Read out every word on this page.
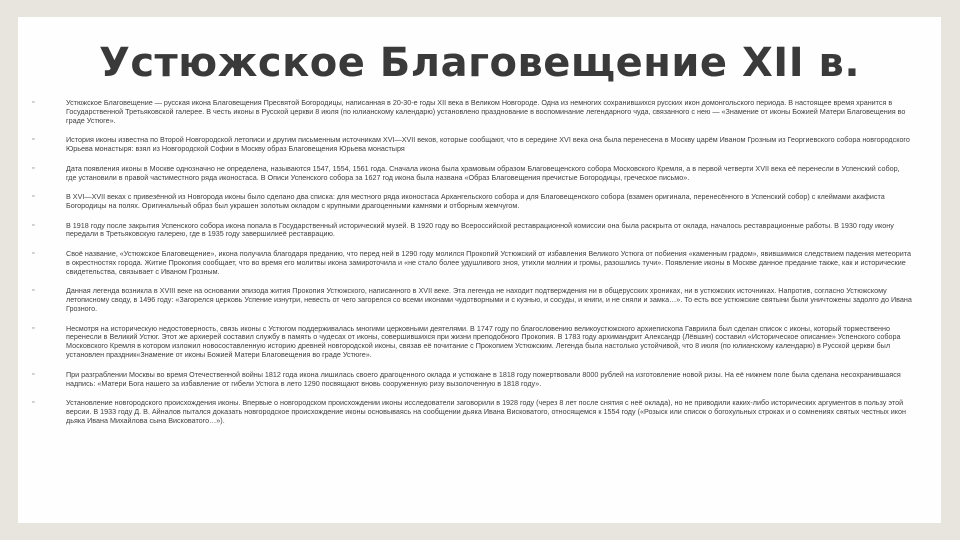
Устюжское Благовещение XII в.
▫	Устюжское Благовещение — русская икона Благовещения Пресвятой Богородицы, написанная в 20-30-е годы XII века в Великом Новгороде. Одна из немногих сохранившихся русских икон домонгольского периода. В настоящее время хранится в Государственной Третьяковской галерее. В честь иконы в Русской церкви 8 июля (по юлианскому календарю) установлено празднование в воспоминание легендарного чуда, связанного с нею — «Знамение от иконы Божией Матери Благовещения во граде Устюге».
▫	История иконы известна по Второй Новгородской летописи и другим письменным источникам XVI—XVII веков, которые сообщают, что в середине XVI века она была перенесена в Москву царём Иваном Грозным из Георгиевского собора новгородского Юрьева монастыря: взял из Новгородской Софии в Москву образ Благовещения Юрьева монастыря
▫	Дата появления иконы в Москве однозначно не определена, называются 1547, 1554, 1561 года. Сначала икона была храмовым образом Благовещенского собора Московского Кремля, а в первой четверти XVII века её перенесли в Успенский собор, где установили в правой частиместного ряда иконостаса. В Описи Успенского собора за 1627 год икона была названа «Образ Благовещения пречистые Богородицы, греческое письмо».
▫	В XVI—XVII веках с привезённой из Новгорода иконы было сделано два списка: для местного ряда иконостаса Архангельского собора и для Благовещенского собора (взамен оригинала, перенесённого в Успенский собор) с клеймами акафиста Богородицы на полях. Оригинальный образ был украшен золотым окладом с крупными драгоценными камнями и отборным жемчугом.
▫	В 1918 году после закрытия Успенского собора икона попала в Государственный исторический музей. В 1920 году во Всероссийской реставрационной комиссии она была раскрыта от оклада, началось реставрационные работы. В 1930 году икону передали в Третьяковскую галерею, где в 1935 году завершилиеё реставрацию.
▫	Своё название, «Устюжское Благовещение», икона получила благодаря преданию, что перед ней в 1290 году молился Прокопий Устюжский от избавления Великого Устюга от побиения «каменным градом», явившимися следствием падения метеорита в окрестностях города. Житие Прокопия сообщает, что во время его молитвы икона замироточила и «не стало более удушливого зноя, утихли молнии и громы, разошлись тучи». Появление иконы в Москве данное предание также, как и исторические свидетельства, связывает с Иваном Грозным.
▫	Данная легенда возникла в XVIII веке на основании эпизода жития Прокопия Устюжского, написанного в XVII веке. Эта легенда не находит подтверждения ни в общерусских хрониках, ни в устюжских источниках. Напротив, согласно Устюжскому летописному своду, в 1496 году: «Загорелся церковь Успение изнутри, невесть от чего загорелся со всеми иконами чудотворными и с кузнью, и сосуды, и книги, и не сняли и замка…». То есть все устюжские святыни были уничтожены задолго до Ивана Грозного.
▫	Несмотря на историческую недостоверность, связь иконы с Устюгом поддерживалась многими церковными деятелями. В 1747 году по благословению великоустюжского архиепископа Гавриила был сделан список с иконы, который торжественно перенесли в Великий Устюг. Этот же архиерей составил службу в память о чудесах от иконы, совершившихся при жизни преподобного Прокопия. В 1783 году архимандрит Александр (Лёвшин) составил «Историческое описание» Успенского собора Московского Кремля в котором изложил новосоставленную историю древней новгородской иконы, связав её почитание с Прокопием Устюжским. Легенда была настолько устойчивой, что 8 июля (по юлианскому календарю) в Русской церкви был установлен праздник«Знамение от иконы Божией Матери Благовещения во граде Устюге».
▫	При разграблении Москвы во время Отечественной войны 1812 года икона лишилась своего драгоценного оклада и устюжане в 1818 году пожертвовали 8000 рублей на изготовление новой ризы. На её нижнем поле была сделана несохранившаяся надпись: «Матери Бога нашего за избавление от гибели Устюга в лето 1290 посвящают вновь сооруженную ризу вызолоченную в 1818 году».
▫	Установление новгородского происхождения иконы. Впервые о новгородском происхождении иконы исследователи заговорили в 1928 году (через 8 лет после снятия с неё оклада), но не приводили каких-либо исторических аргументов в пользу этой версии. В 1933 году Д. В. Айналов пытался доказать новгородское происхождение иконы основываясь на сообщении дьяка Ивана Висковатого, относящемся к 1554 году («Розыск или список о богохульных строках и о сомнениях святых честных икон дьяка Ивана Михайлова сына Висковатого…»).
